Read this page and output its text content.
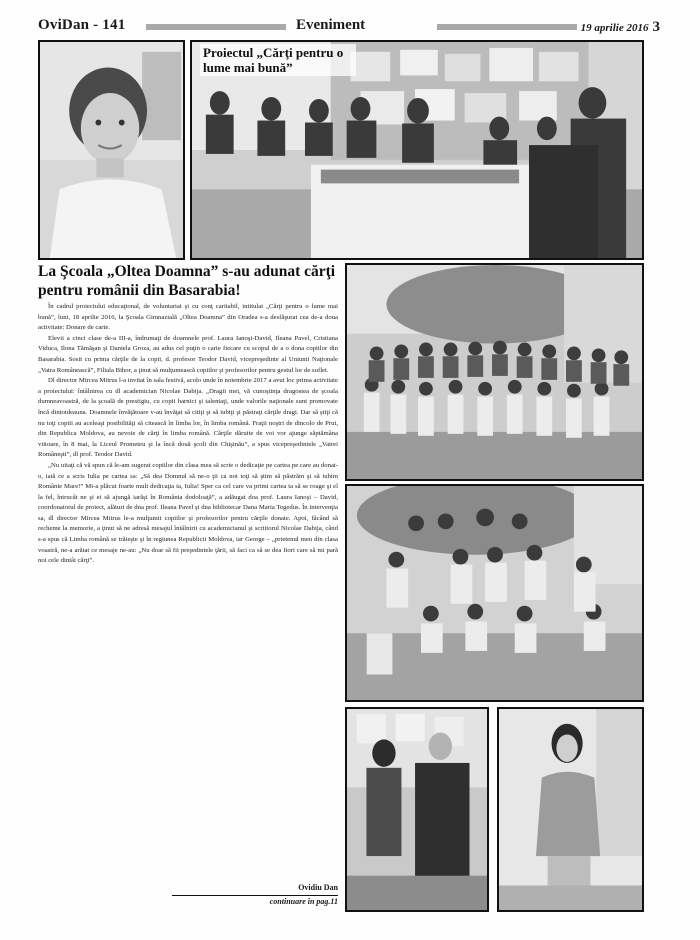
OviDan - 141	Eveniment	19 aprilie 2016 3
Proiectul „Cărţi pentru o lume mai bună”
La Şcoala „Oltea Doamna” s-au adunat cărţi pentru românii din Basarabia!

În cadrul proiectului educaţional, de voluntariat şi cu conţ caritabil, intitulat „Cărţi pentru o lume mai bună”, luni, 18 aprilie 2016, la Şcoala Gimnazială „Oltea Doamna” din Oradea s-a desfăşurat cea de-a doua activitate: Donare de carte.

Elevii a cinci clase de-a III-a, îndrumaţi de doamnele prof. Laura Ianoşi-David, Ileana Pavel, Cristiana Viduca, Ilona Tămăşan şi Daniela Groza, au adus cel puţin o carte fiecare cu scopul de a o dona copiilor din Basarabia. Sosit cu prima cărţile de la copii, d. profesor Teodor David, vicepreşedinte al Uniunii Naţionale „Vatra Românească”, Filiala Bihor, a ţinut să mulţumească copiilor şi profesorilor pentru gestul lor de suflet.

Dl director Mircea Mitrus l-a invitat în sala festivă, acolo unde în noiembrie 2017 a avut loc prima activitate a proiectului: întâlnirea cu dl academician Nicolae Dabija. „Dragii mei, vă cunoştinţa dragostea de şcoala dumneavoastră, de la şcoală de prestigiu, cu copii harnici şi talentaţi, unde valorile naţionale sunt promovate încă dintotdeauna. Doamnele învăţătoare v-au învăţat să citiţi şi să iubiţi şi păstraţi cărţile dragi. Dar să ştiţi că nu toţi copiii au aceleaşi posibilităţi să citească în limba lor, în limba română. Fraţii noştri de dincolo de Prut, din Republica Moldova, au nevoie de cărţi în limba română. Cărţile dăruite de voi vor ajunge săptămâna viitoare, în 8 mai, la Liceul Prometeu şi la încă două şcoli din Chişinău”, a spus vicepreşedintele „Vatrei Româneşti”, dl prof. Teodor David.

„Nu uitaţi că vă spun că le-am sugerat copiilor din clasa mea să scrie o dedicaţie pe cartea pe care au donat-o, iată ce a scris Iulia pe cartea sa: „Să dea Domnul să ne-o ţii ca noi toţi să ştim să păstrăm şi să iubim Românie Mare!” Mi-a plăcut foarte mult dedicaţia ta, Iulia! Sper ca cel care va primi cartea ta să se roage şi el la fel, întrucât ne şi ei să ajungă iarăşi în România dodoloaţă”, a adăugat doa prof. Laura Ianoşi – David, coordonatorul de proiect, alături de dna prof. Ileana Pavel şi dna bibliotecar Dana Maria Tegedus. În intervenţia sa, dl director Mircea Mitrus le-a mulţumit copiilor şi profesorilor pentru cărţile donate. Apoi, făcând să recheme la memorie, a ţinut să ne adresă mesajul întâlnirii cu academicianul şi scriitorul Nicolae Dabija, când s-a spus că Limba română se trăieşte şi în regiunea Republicii Moldova, iar George – „prietenul meu din clasa voastră, ne-a arătat ce mesaje ne-au: „Nu doar să fii preşedintele ţării, să faci ca să se dea fiori care să mi pară noi cele dintâi cărţi”.

Ovidiu Dan
continuare în pag.11
